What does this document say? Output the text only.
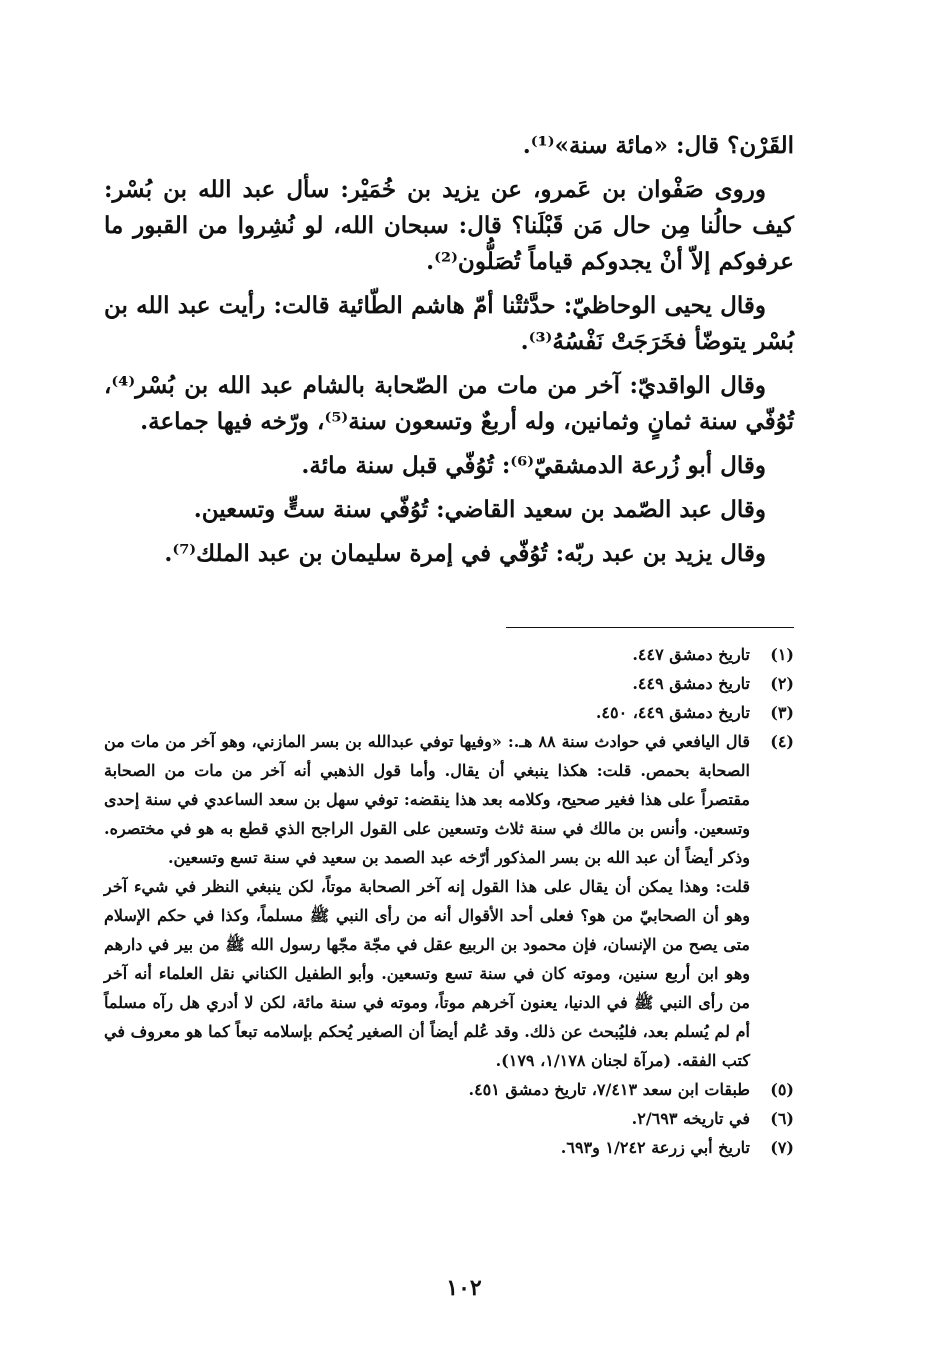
القَرْن؟ قال: «مائة سنة»⁽¹⁾.

وروى صَفْوان بن عَمرو، عن يزيد بن خُمَيْر: سأل عبد الله بن بُسْر: كيف حالُنا مِن حال مَن قَبْلَنا؟ قال: سبحان الله، لو نُشِروا من القبور ما عرفوكم إلاّ أنْ يجدوكم قياماً تُصَلُّون⁽²⁾.

وقال يحيى الوحاظيّ: حدَّثتْنا أمّ هاشم الطّائية قالت: رأيت عبد الله بن بُسْر يتوضّأ فخَرَجَتْ نَفْسُهُ⁽³⁾.

وقال الواقديّ: آخر من مات من الصّحابة بالشام عبد الله بن بُسْر⁽⁴⁾، تُوُفّي سنة ثمانٍ وثمانين، وله أربعٌ وتسعون سنة⁽⁵⁾، ورّخه فيها جماعة.

وقال أبو زُرعة الدمشقيّ⁽⁶⁾: تُوُفّي قبل سنة مائة.

وقال عبد الصّمد بن سعيد القاضي: تُوُفّي سنة ستٍّ وتسعين.

وقال يزيد بن عبد ربّه: تُوُفّي في إمرة سليمان بن عبد الملك⁽⁷⁾.

(١)
تاريخ دمشق ٤٤٧.
(٢)
تاريخ دمشق ٤٤٩.
(٣)
تاريخ دمشق ٤٤٩، ٤٥٠.
(٤)
قال اليافعي في حوادث سنة ٨٨ هـ.: «وفيها توفي عبدالله بن بسر المازني، وهو آخر من مات من الصحابة بحمص. قلت: هكذا ينبغي أن يقال. وأما قول الذهبي أنه آخر من مات من الصحابة مقتصراً على هذا فغير صحيح، وكلامه بعد هذا ينقضه: توفي سهل بن سعد الساعدي في سنة إحدى وتسعين. وأنس بن مالك في سنة ثلاث وتسعين على القول الراجح الذي قطع به هو في مختصره. وذكر أيضاً أن عبد الله بن بسر المذكور أرّخه عبد الصمد بن سعيد في سنة تسع وتسعين.

قلت: وهذا يمكن أن يقال على هذا القول إنه آخر الصحابة موتاً، لكن ينبغي النظر في شيء آخر وهو أن الصحابيّ من هو؟ فعلى أحد الأقوال أنه من رأى النبي ﷺ مسلماً، وكذا في حكم الإسلام متى يصح من الإنسان، فإن محمود بن الربيع عقل في مجّة مجّها رسول الله ﷺ من بير في دارهم وهو ابن أربع سنين، وموته كان في سنة تسع وتسعين. وأبو الطفيل الكناني نقل العلماء أنه آخر من رأى النبي ﷺ في الدنيا، يعنون آخرهم موتاً، وموته في سنة مائة، لكن لا أدري هل رآه مسلماً أم لم يُسلم بعد، فليُبحث عن ذلك. وقد عُلم أيضاً أن الصغير يُحكم بإسلامه تبعاً كما هو معروف في كتب الفقه. (مرآة لجنان ١/١٧٨، ١٧٩).

(٥)
طبقات ابن سعد ٧/٤١٣، تاريخ دمشق ٤٥١.
(٦)
في تاريخه ٢/٦٩٣.
(٧)
تاريخ أبي زرعة ١/٢٤٢ و٦٩٣.
١٠٢
